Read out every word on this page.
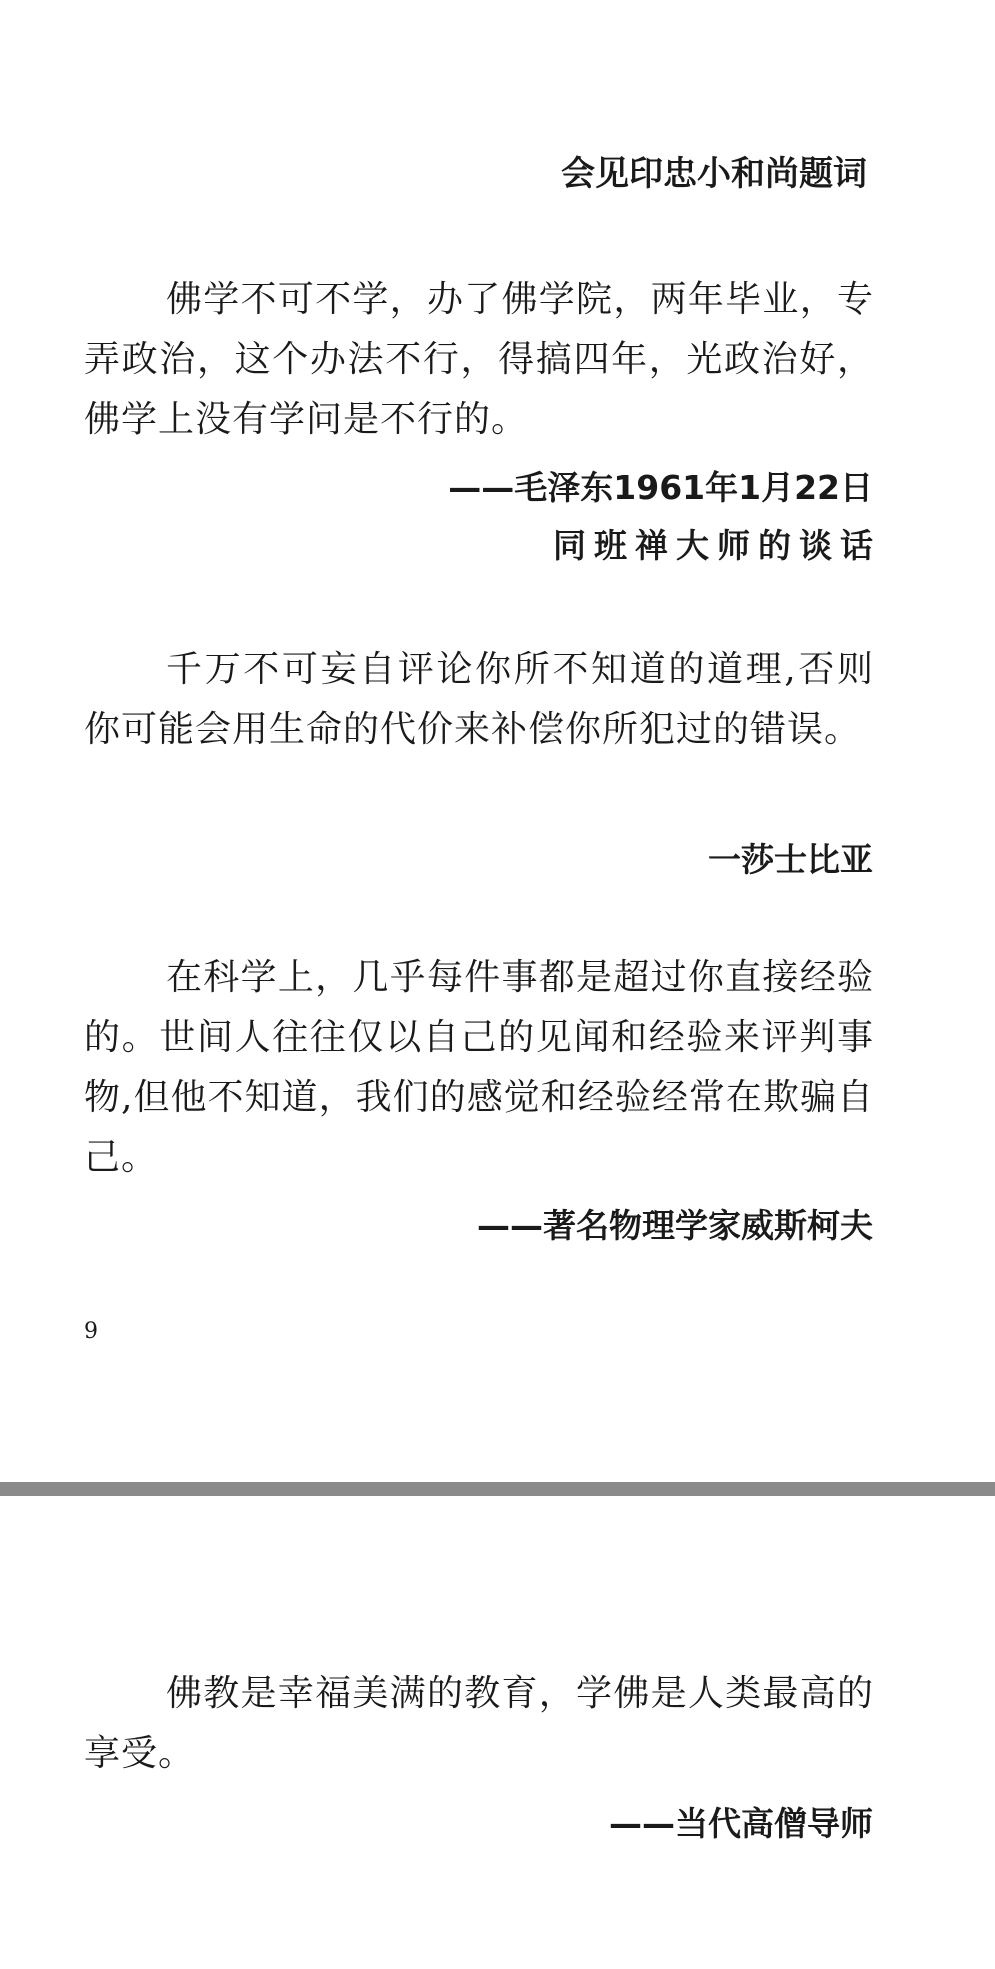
会见印忠小和尚题词

佛学不可不学，办了佛学院，两年毕业，专弄政治，这个办法不行，得搞四年，光政治好，佛学上没有学问是不行的。

——毛泽东1961年1月22日

同班禅大师的谈话

千万不可妄自评论你所不知道的道理,否则你可能会用生命的代价来补偿你所犯过的错误。

一莎士比亚

在科学上，几乎每件事都是超过你直接经验的。世间人往往仅以自己的见闻和经验来评判事物,但他不知道，我们的感觉和经验经常在欺骗自己。

——著名物理学家威斯柯夫

9

佛教是幸福美满的教育，学佛是人类最高的享受。

——当代高僧导师
